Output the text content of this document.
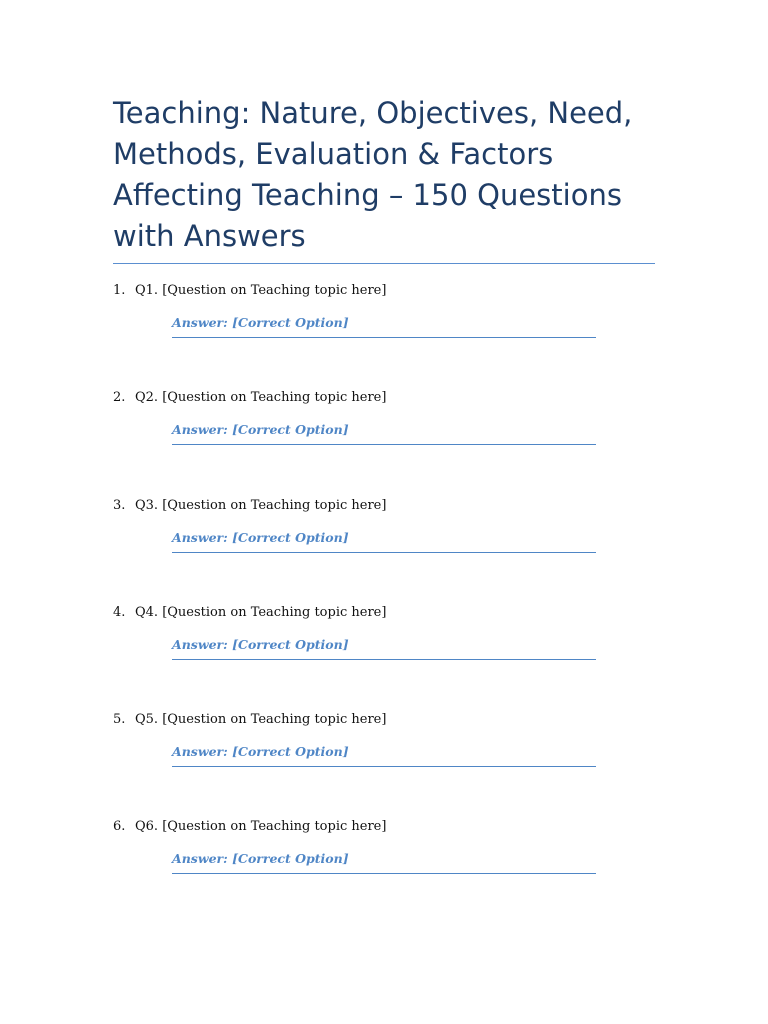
Teaching: Nature, Objectives, Need, Methods, Evaluation & Factors Affecting Teaching – 150 Questions with Answers
1. Q1. [Question on Teaching topic here]
Answer: [Correct Option]
2. Q2. [Question on Teaching topic here]
Answer: [Correct Option]
3. Q3. [Question on Teaching topic here]
Answer: [Correct Option]
4. Q4. [Question on Teaching topic here]
Answer: [Correct Option]
5. Q5. [Question on Teaching topic here]
Answer: [Correct Option]
6. Q6. [Question on Teaching topic here]
Answer: [Correct Option]
